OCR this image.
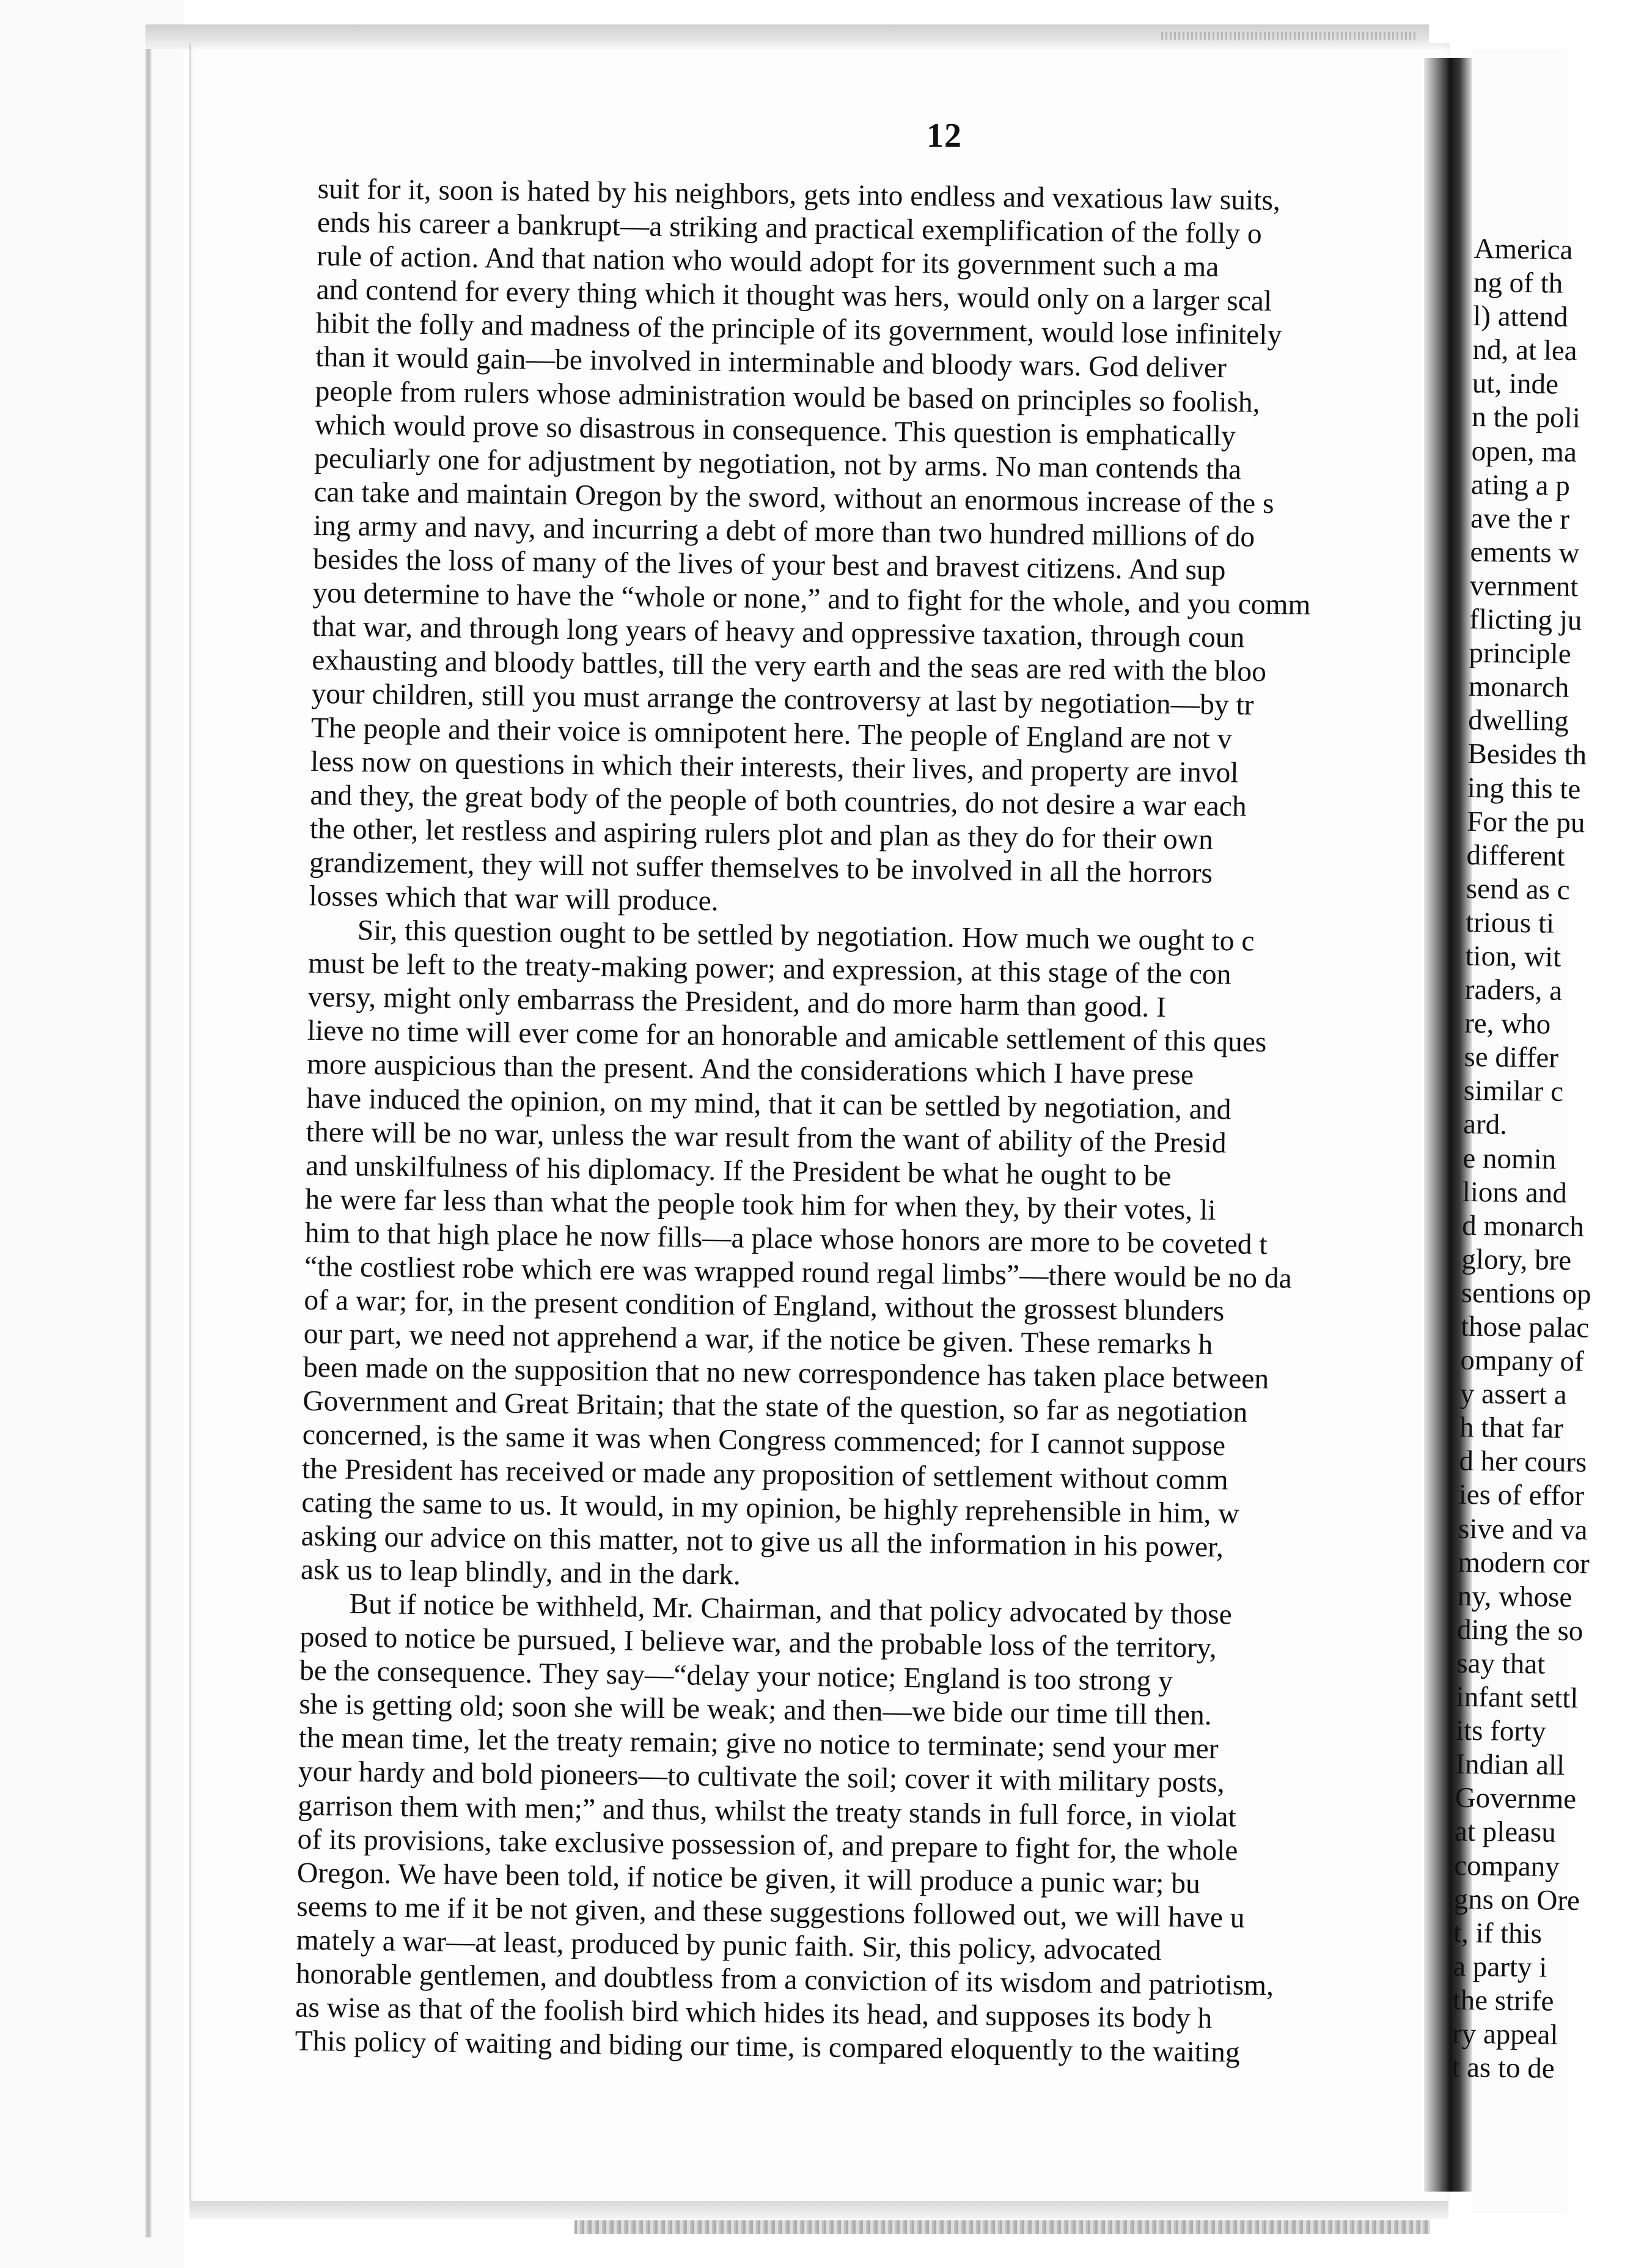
12
suit for it, soon is hated by his neighbors, gets into endless and vexatious law suits,
ends his career a bankrupt—a striking and practical exemplification of the folly o
rule of action. And that nation who would adopt for its government such a ma
and contend for every thing which it thought was hers, would only on a larger scal
hibit the folly and madness of the principle of its government, would lose infinitely
than it would gain—be involved in interminable and bloody wars. God deliver
people from rulers whose administration would be based on principles so foolish,
which would prove so disastrous in consequence. This question is emphatically
peculiarly one for adjustment by negotiation, not by arms. No man contends tha
can take and maintain Oregon by the sword, without an enormous increase of the s
ing army and navy, and incurring a debt of more than two hundred millions of do
besides the loss of many of the lives of your best and bravest citizens. And sup
you determine to have the “whole or none,” and to fight for the whole, and you comm
that war, and through long years of heavy and oppressive taxation, through coun
exhausting and bloody battles, till the very earth and the seas are red with the bloo
your children, still you must arrange the controversy at last by negotiation—by tr
The people and their voice is omnipotent here. The people of England are not v
less now on questions in which their interests, their lives, and property are invol
and they, the great body of the people of both countries, do not desire a war each
the other, let restless and aspiring rulers plot and plan as they do for their own
grandizement, they will not suffer themselves to be involved in all the horrors
losses which that war will produce.
Sir, this question ought to be settled by negotiation. How much we ought to c
must be left to the treaty-making power; and expression, at this stage of the con
versy, might only embarrass the President, and do more harm than good. I
lieve no time will ever come for an honorable and amicable settlement of this ques
more auspicious than the present. And the considerations which I have prese
have induced the opinion, on my mind, that it can be settled by negotiation, and
there will be no war, unless the war result from the want of ability of the Presid
and unskilfulness of his diplomacy. If the President be what he ought to be
he were far less than what the people took him for when they, by their votes, li
him to that high place he now fills—a place whose honors are more to be coveted t
“the costliest robe which ere was wrapped round regal limbs”—there would be no da
of a war; for, in the present condition of England, without the grossest blunders
our part, we need not apprehend a war, if the notice be given. These remarks h
been made on the supposition that no new correspondence has taken place between
Government and Great Britain; that the state of the question, so far as negotiation
concerned, is the same it was when Congress commenced; for I cannot suppose
the President has received or made any proposition of settlement without comm
cating the same to us. It would, in my opinion, be highly reprehensible in him, w
asking our advice on this matter, not to give us all the information in his power,
ask us to leap blindly, and in the dark.
But if notice be withheld, Mr. Chairman, and that policy advocated by those
posed to notice be pursued, I believe war, and the probable loss of the territory,
be the consequence. They say—“delay your notice; England is too strong y
she is getting old; soon she will be weak; and then—we bide our time till then.
the mean time, let the treaty remain; give no notice to terminate; send your mer
your hardy and bold pioneers—to cultivate the soil; cover it with military posts,
garrison them with men;” and thus, whilst the treaty stands in full force, in violat
of its provisions, take exclusive possession of, and prepare to fight for, the whole
Oregon. We have been told, if notice be given, it will produce a punic war; bu
seems to me if it be not given, and these suggestions followed out, we will have u
mately a war—at least, produced by punic faith. Sir, this policy, advocated
honorable gentlemen, and doubtless from a conviction of its wisdom and patriotism,
as wise as that of the foolish bird which hides its head, and supposes its body h
This policy of waiting and biding our time, is compared eloquently to the waiting
America
ng of th
l) attend
nd, at lea
ut, inde
n the poli
open, ma
ating a p
ave the r
ements w
vernment
flicting ju
principle
monarch
dwelling
Besides th
ing this te
For the pu
different
send as c
trious ti
tion, wit
raders, a
re, who
se differ
similar c
ard.
e nomin
lions and
d monarch
glory, bre
sentions op
those palac
ompany of
y assert a
h that far
d her cours
ies of effor
sive and va
modern cor
ny, whose
ding the so
say that
infant settl
its forty
Indian all
Governme
at pleasu
company
gns on Ore
t, if this
a party i
the strife
ry appeal
t as to de
